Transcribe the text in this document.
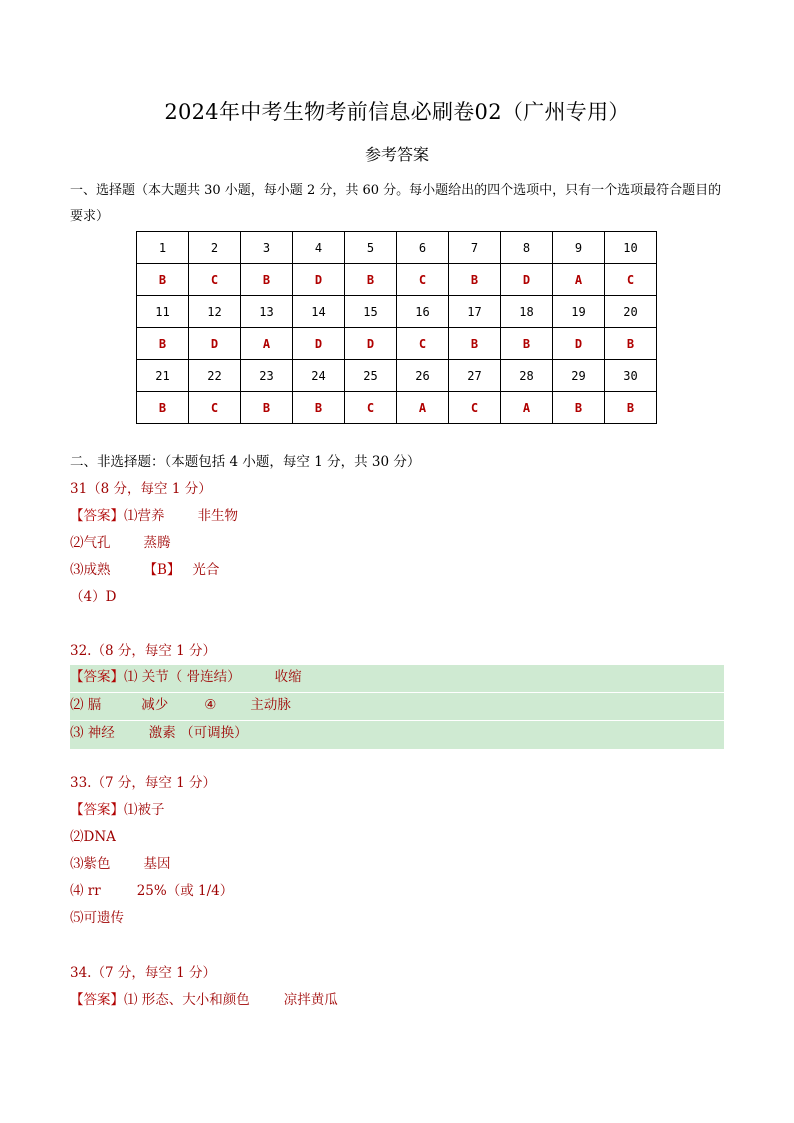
2024年中考生物考前信息必刷卷02（广州专用）
参考答案
一、选择题（本大题共 30 小题，每小题 2 分，共 60 分。每小题给出的四个选项中，只有一个选项最符合题目的要求）
1	2	3	4	5	6	7	8	9	10
B	C	B	D	B	C	B	D	A	C
11	12	13	14	15	16	17	18	19	20
B	D	A	D	D	C	B	B	D	B
21	22	23	24	25	26	27	28	29	30
B	C	B	B	C	A	C	A	B	B
二、非选择题：（本题包括 4 小题，每空 1 分，共 30 分）
31（8 分，每空 1 分）
【答案】⑴营养 非生物
⑵气孔 蒸腾
⑶成熟 【B】 光合
（4）D
32.（8 分，每空 1 分）
【答案】⑴ 关节（ 骨连结）	收缩
⑵ 膈	减少	④	主动脉
⑶ 神经	激素 （可调换）
33.（7 分，每空 1 分）
【答案】⑴被子
⑵DNA
⑶紫色 基因
⑷ rr	25%（或 1/4）
⑸可遗传
34.（7 分，每空 1 分）
【答案】⑴ 形态、大小和颜色	凉拌黄瓜
